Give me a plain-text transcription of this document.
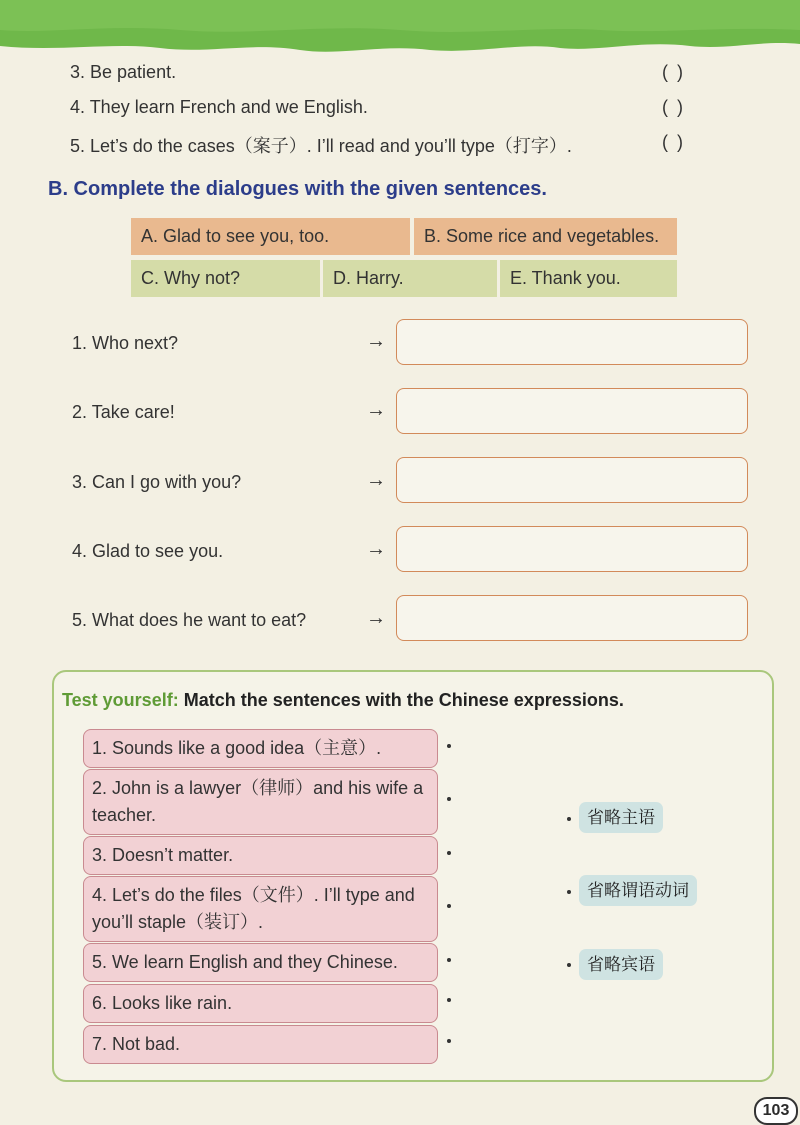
3. Be patient.	( )
4. They learn French and we English.	( )
5. Let’s do the cases（案子）. I’ll read and you’ll type（打字）.	( )
B. Complete the dialogues with the given sentences.
A. Glad to see you, too.	B. Some rice and vegetables.
C. Why not?	D. Harry.	E. Thank you.
1. Who next?	→
2. Take care!	→
3. Can I go with you?	→
4. Glad to see you.	→
5. What does he want to eat?	→
Test yourself: Match the sentences with the Chinese expressions.
1. Sounds like a good idea（主意）.
2. John is a lawyer（律师）and his wife a teacher.
3. Doesn’t matter.
4. Let’s do the files（文件）. I’ll type and you’ll staple（装订）.
5. We learn English and they Chinese.
6. Looks like rain.
7. Not bad.
省略主语
省略谓语动词
省略宾语
103
